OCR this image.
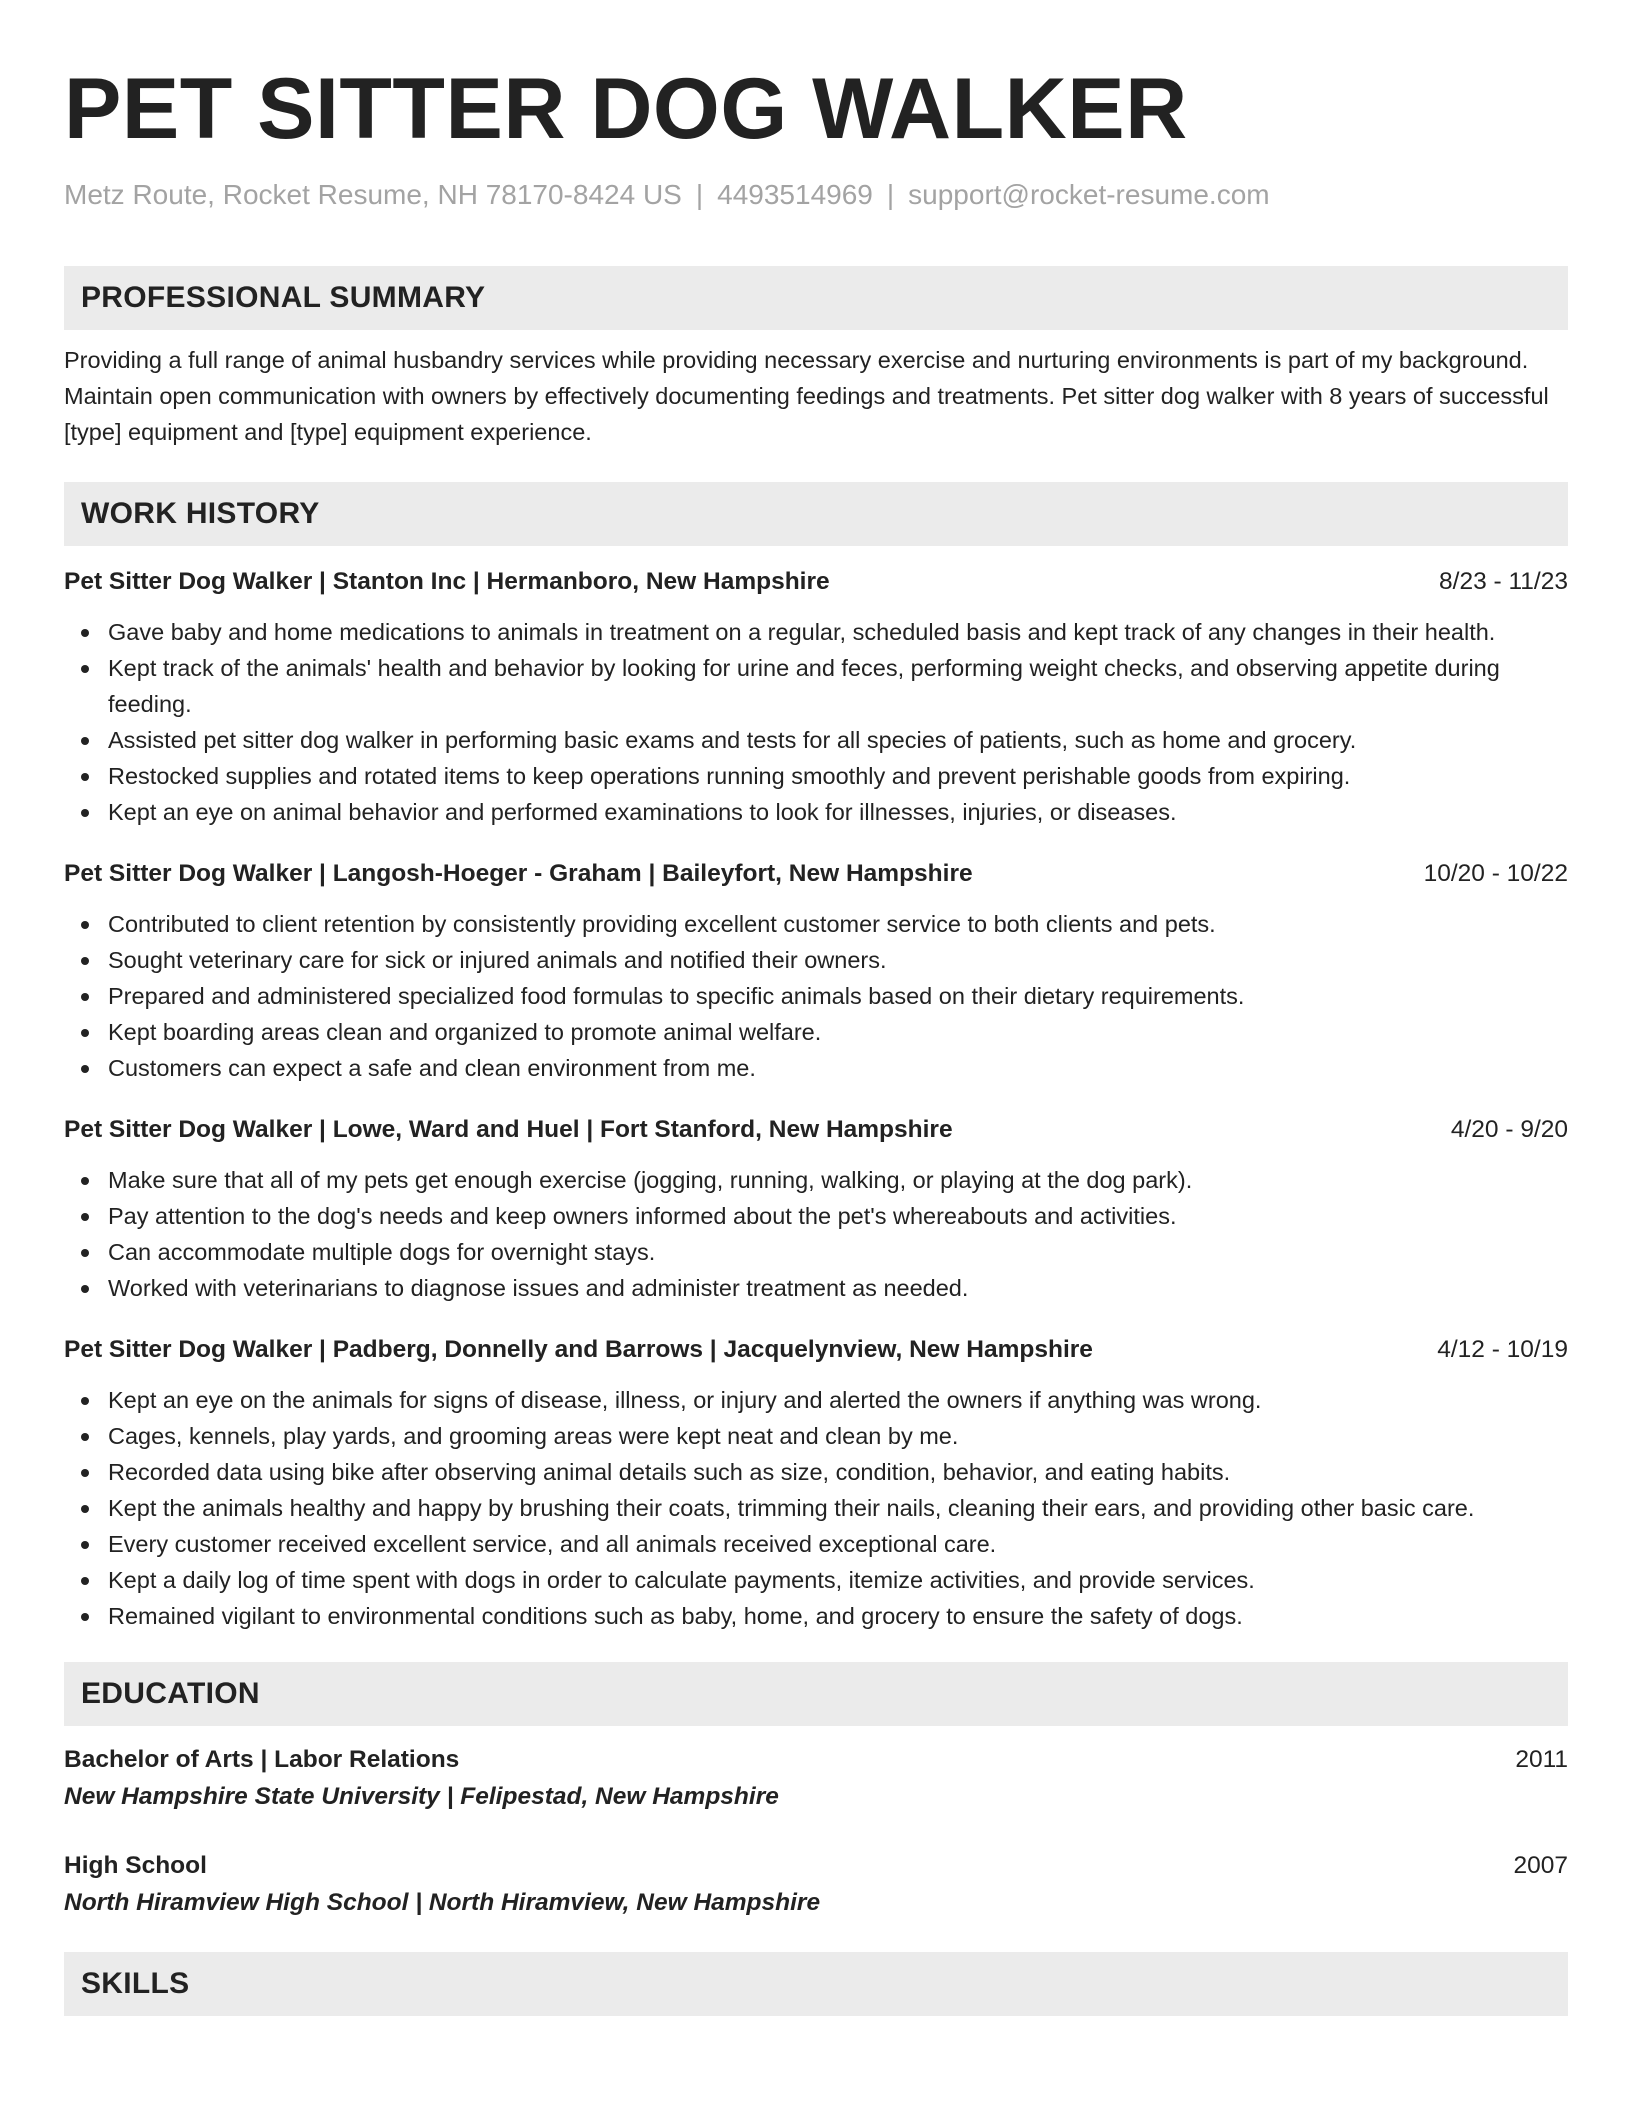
PET SITTER DOG WALKER
Metz Route, Rocket Resume, NH 78170-8424 US | 4493514969 | support@rocket-resume.com
PROFESSIONAL SUMMARY

Providing a full range of animal husbandry services while providing necessary exercise and nurturing environments is part of my background. Maintain open communication with owners by effectively documenting feedings and treatments. Pet sitter dog walker with 8 years of successful [type] equipment and [type] equipment experience.

WORK HISTORY
Pet Sitter Dog Walker | Stanton Inc | Hermanboro, New Hampshire	8/23 - 11/23
Gave baby and home medications to animals in treatment on a regular, scheduled basis and kept track of any changes in their health.
Kept track of the animals' health and behavior by looking for urine and feces, performing weight checks, and observing appetite during feeding.
Assisted pet sitter dog walker in performing basic exams and tests for all species of patients, such as home and grocery.
Restocked supplies and rotated items to keep operations running smoothly and prevent perishable goods from expiring.
Kept an eye on animal behavior and performed examinations to look for illnesses, injuries, or diseases.
Pet Sitter Dog Walker | Langosh-Hoeger - Graham | Baileyfort, New Hampshire	10/20 - 10/22
Contributed to client retention by consistently providing excellent customer service to both clients and pets.
Sought veterinary care for sick or injured animals and notified their owners.
Prepared and administered specialized food formulas to specific animals based on their dietary requirements.
Kept boarding areas clean and organized to promote animal welfare.
Customers can expect a safe and clean environment from me.
Pet Sitter Dog Walker | Lowe, Ward and Huel | Fort Stanford, New Hampshire	4/20 - 9/20
Make sure that all of my pets get enough exercise (jogging, running, walking, or playing at the dog park).
Pay attention to the dog's needs and keep owners informed about the pet's whereabouts and activities.
Can accommodate multiple dogs for overnight stays.
Worked with veterinarians to diagnose issues and administer treatment as needed.
Pet Sitter Dog Walker | Padberg, Donnelly and Barrows | Jacquelynview, New Hampshire	4/12 - 10/19
Kept an eye on the animals for signs of disease, illness, or injury and alerted the owners if anything was wrong.
Cages, kennels, play yards, and grooming areas were kept neat and clean by me.
Recorded data using bike after observing animal details such as size, condition, behavior, and eating habits.
Kept the animals healthy and happy by brushing their coats, trimming their nails, cleaning their ears, and providing other basic care.
Every customer received excellent service, and all animals received exceptional care.
Kept a daily log of time spent with dogs in order to calculate payments, itemize activities, and provide services.
Remained vigilant to environmental conditions such as baby, home, and grocery to ensure the safety of dogs.
EDUCATION
Bachelor of Arts | Labor Relations	2011
New Hampshire State University | Felipestad, New Hampshire
High School	2007
North Hiramview High School | North Hiramview, New Hampshire
SKILLS
